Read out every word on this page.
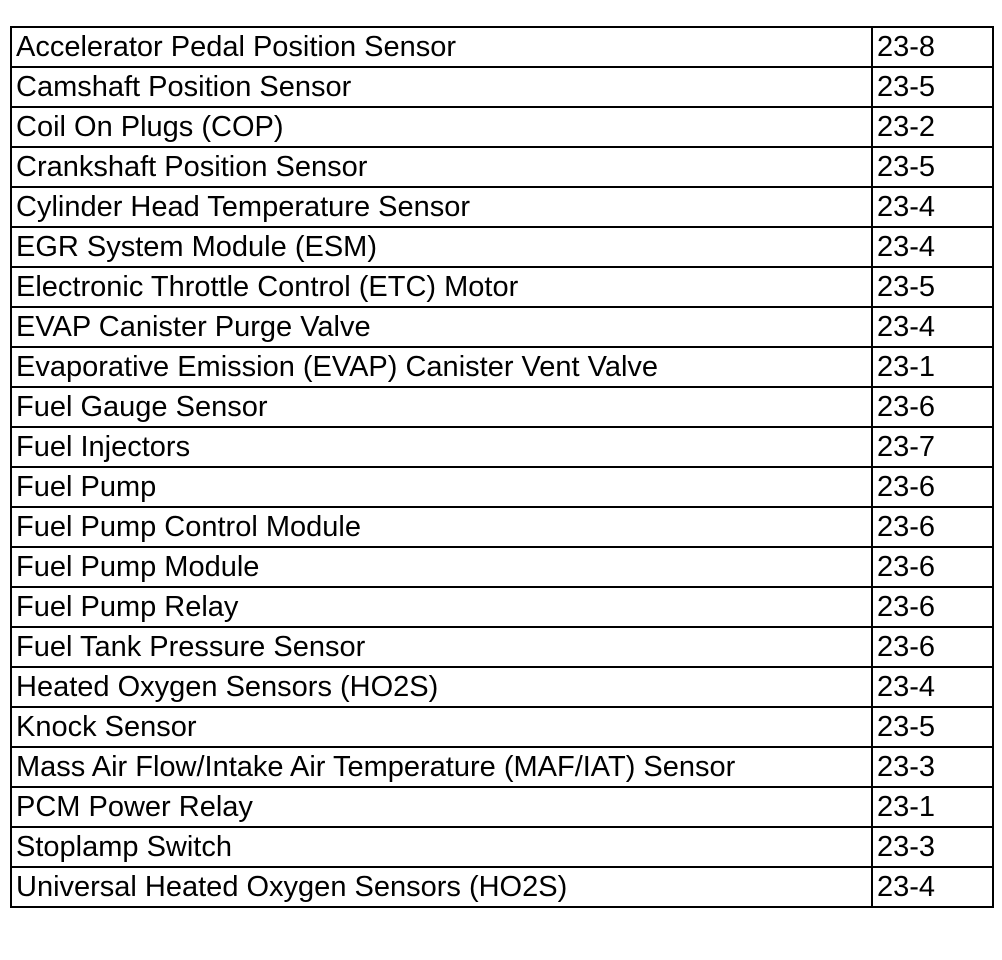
Accelerator Pedal Position Sensor	23-8
Camshaft Position Sensor	23-5
Coil On Plugs (COP)	23-2
Crankshaft Position Sensor	23-5
Cylinder Head Temperature Sensor	23-4
EGR System Module (ESM)	23-4
Electronic Throttle Control (ETC) Motor	23-5
EVAP Canister Purge Valve	23-4
Evaporative Emission (EVAP) Canister Vent Valve	23-1
Fuel Gauge Sensor	23-6
Fuel Injectors	23-7
Fuel Pump	23-6
Fuel Pump Control Module	23-6
Fuel Pump Module	23-6
Fuel Pump Relay	23-6
Fuel Tank Pressure Sensor	23-6
Heated Oxygen Sensors (HO2S)	23-4
Knock Sensor	23-5
Mass Air Flow/Intake Air Temperature (MAF/IAT) Sensor	23-3
PCM Power Relay	23-1
Stoplamp Switch	23-3
Universal Heated Oxygen Sensors (HO2S)	23-4
